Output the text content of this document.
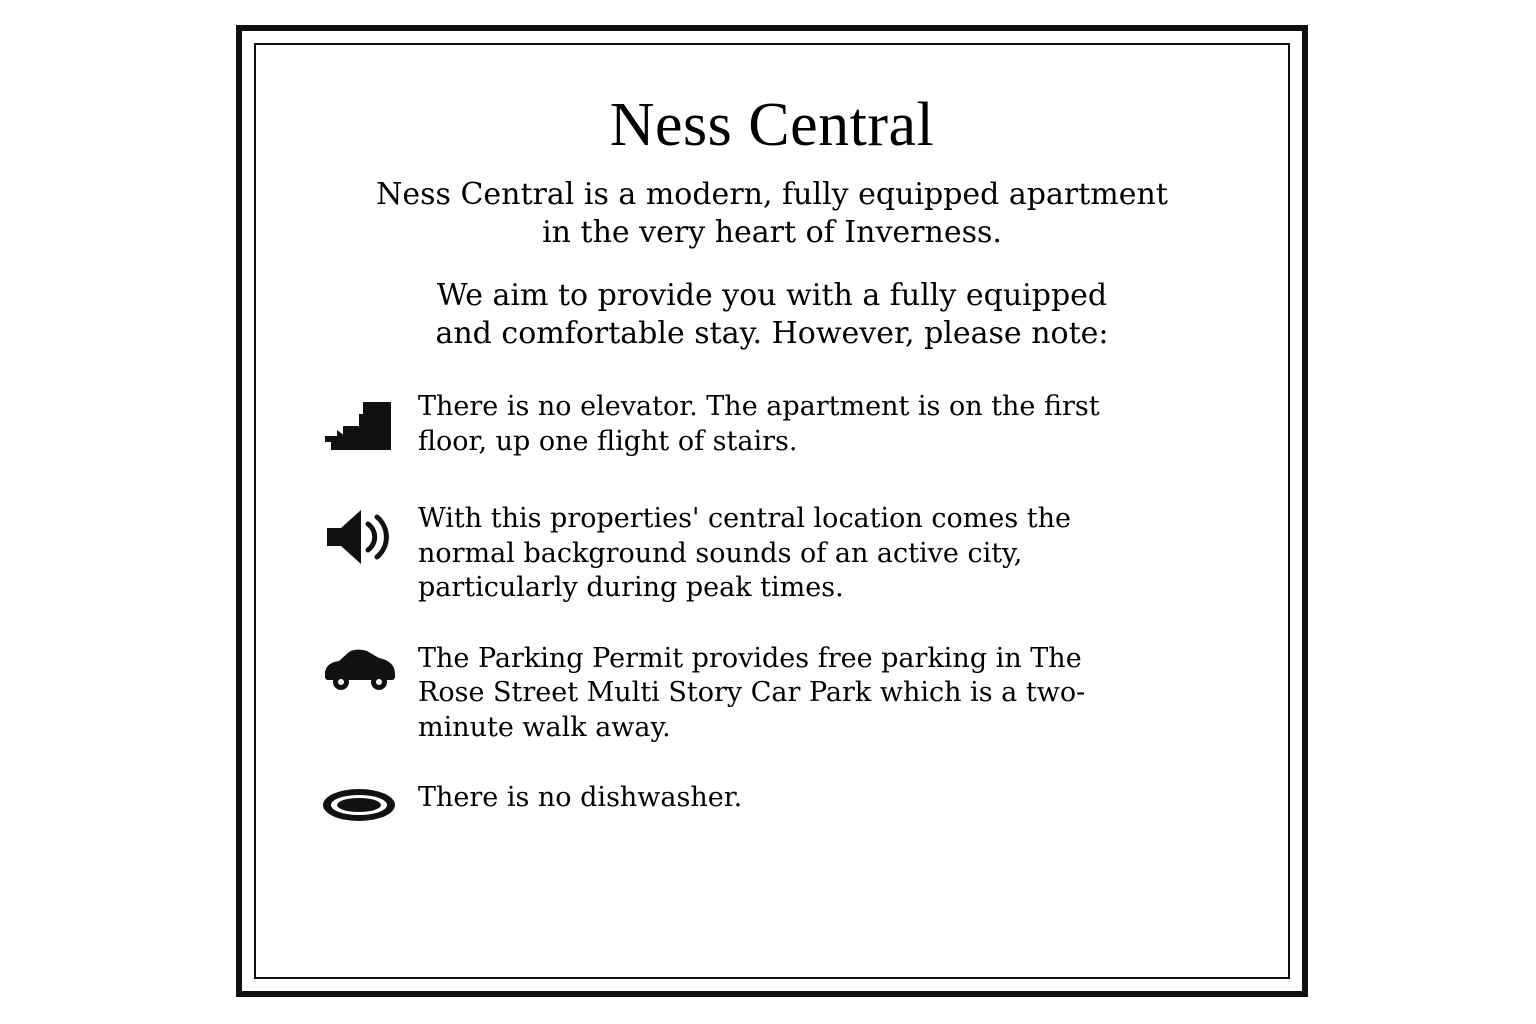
Ness Central

Ness Central is a modern, fully equipped apartment in the very heart of Inverness.

We aim to provide you with a fully equipped and comfortable stay. However, please note:

There is no elevator. The apartment is on the first floor, up one flight of stairs.
With this properties' central location comes the normal background sounds of an active city, particularly during peak times.
The Parking Permit provides free parking in The Rose Street Multi Story Car Park which is a two-minute walk away.
There is no dishwasher.
